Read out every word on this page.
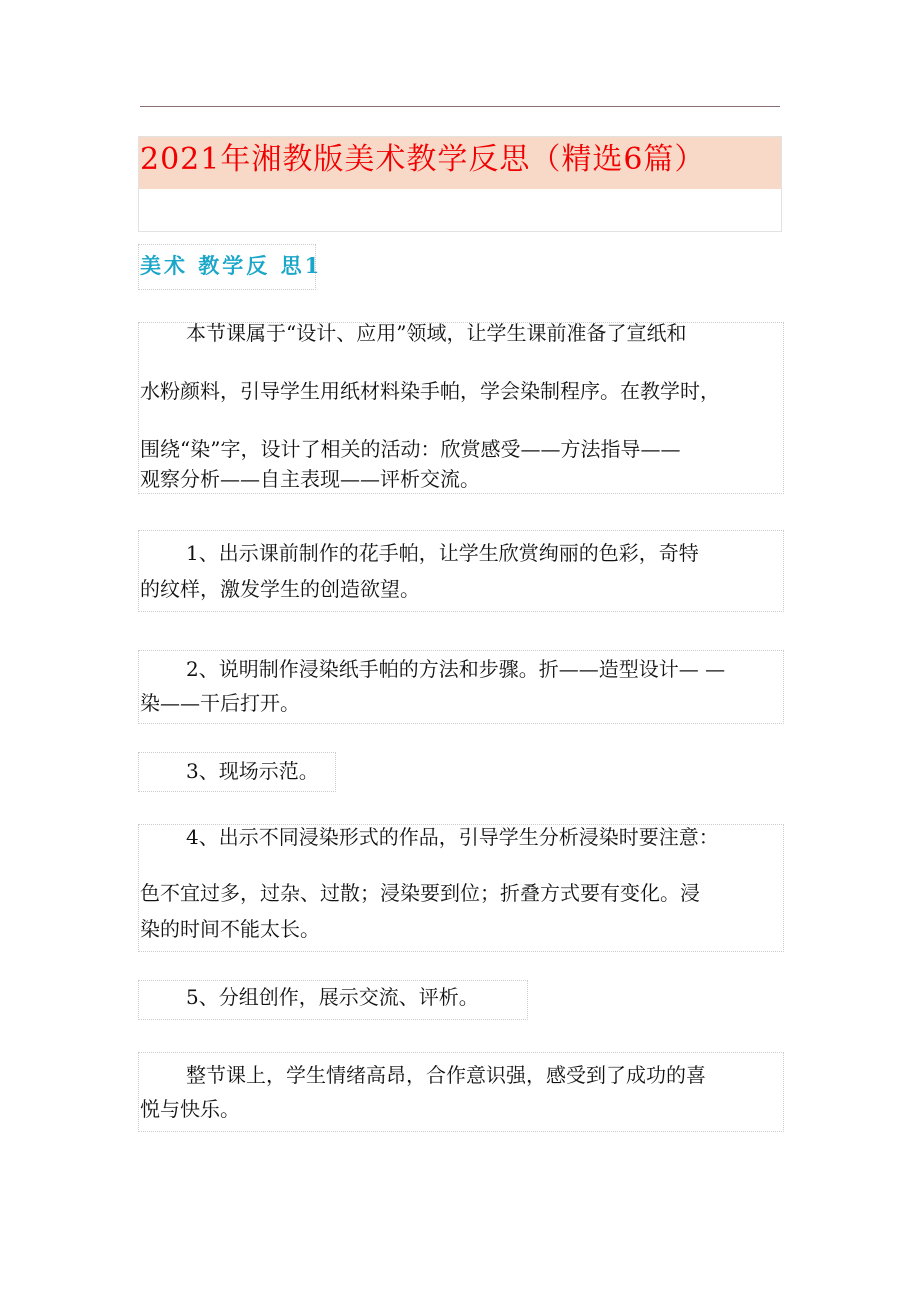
2021年湘教版美术教学反思（精选6篇）
美术 教学反 思1
本节课属于“设计、应用”领域，让学生课前准备了宣纸和
水粉颜料，引导学生用纸材料染手帕，学会染制程序。在教学时，
围绕“染”字，设计了相关的活动：欣赏感受——方法指导——
观察分析——自主表现——评析交流。
1、出示课前制作的花手帕，让学生欣赏绚丽的色彩，奇特
的纹样，激发学生的创造欲望。
2、说明制作浸染纸手帕的方法和步骤。折——造型设计— —
染——干后打开。
3、现场示范。
4、出示不同浸染形式的作品，引导学生分析浸染时要注意：
色不宜过多，过杂、过散；浸染要到位；折叠方式要有变化。浸
染的时间不能太长。
5、分组创作，展示交流、评析。
整节课上，学生情绪高昂，合作意识强，感受到了成功的喜
悦与快乐。
